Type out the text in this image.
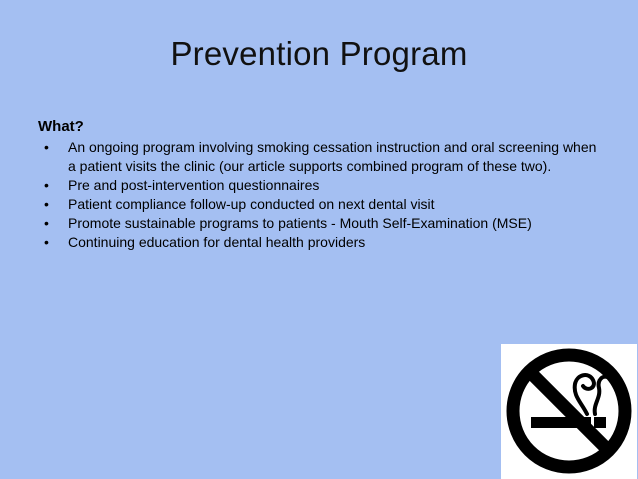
Prevention Program

What?

• An ongoing program involving smoking cessation instruction and oral screening when a patient visits the clinic (our article supports combined program of these two).
• Pre and post-intervention questionnaires
• Patient compliance follow-up conducted on next dental visit
• Promote sustainable programs to patients - Mouth Self-Examination (MSE)
• Continuing education for dental health providers
